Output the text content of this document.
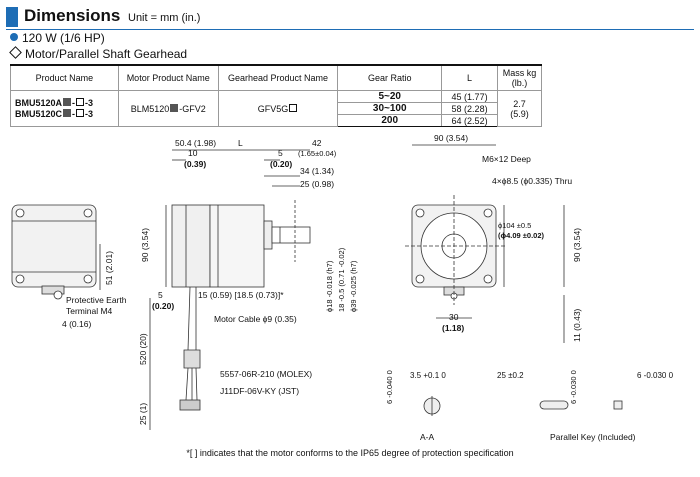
Dimensions Unit = mm (in.)
120 W (1/6 HP)
Motor/Parallel Shaft Gearhead
Product Name	Motor Product Name	Gearhead Product Name	Gear Ratio	L	Mass kg (lb.)
BMU5120A - -3
BMU5120C - -3	BLM5120 -GFV2	GFV5G	5~20	45 (1.77)	2.7
(5.9)
			30~100	58 (2.28)	
			200	64 (2.52)	
50.4 (1.98)	L	42
(1.65±0.04)
10
(0.39)
5
(0.20)
34 (1.34)
25 (0.98)
90 (3.54)
51 (2.01)
5
(0.20)
15 (0.59) [18.5 (0.73)]*
4 (0.16)
520 (20)
25 (1)
ϕ18 -0.018 (h7) 18 -0.5 (0.71 -0.02) ϕ39 -0.025 (h7)
90 (3.54)
ϕ104 ±0.5
(ϕ4.09 ±0.02)	90 (3.54)
30
(1.18)	11 (0.43)
3.5 +0.1 0
6 -0.040 0	25 ±0.2	6 -0.030 0	6 -0.030 0
Protective Earth
Terminal M4
Motor Cable ϕ9 (0.35)
5557-06R-210 (MOLEX)
J11DF-06V-KY (JST)
M6×12 Deep
4×ϕ8.5 (ϕ0.335) Thru
A-A	Parallel Key (Included)
*[ ] indicates that the motor conforms to the IP65 degree of protection specification
